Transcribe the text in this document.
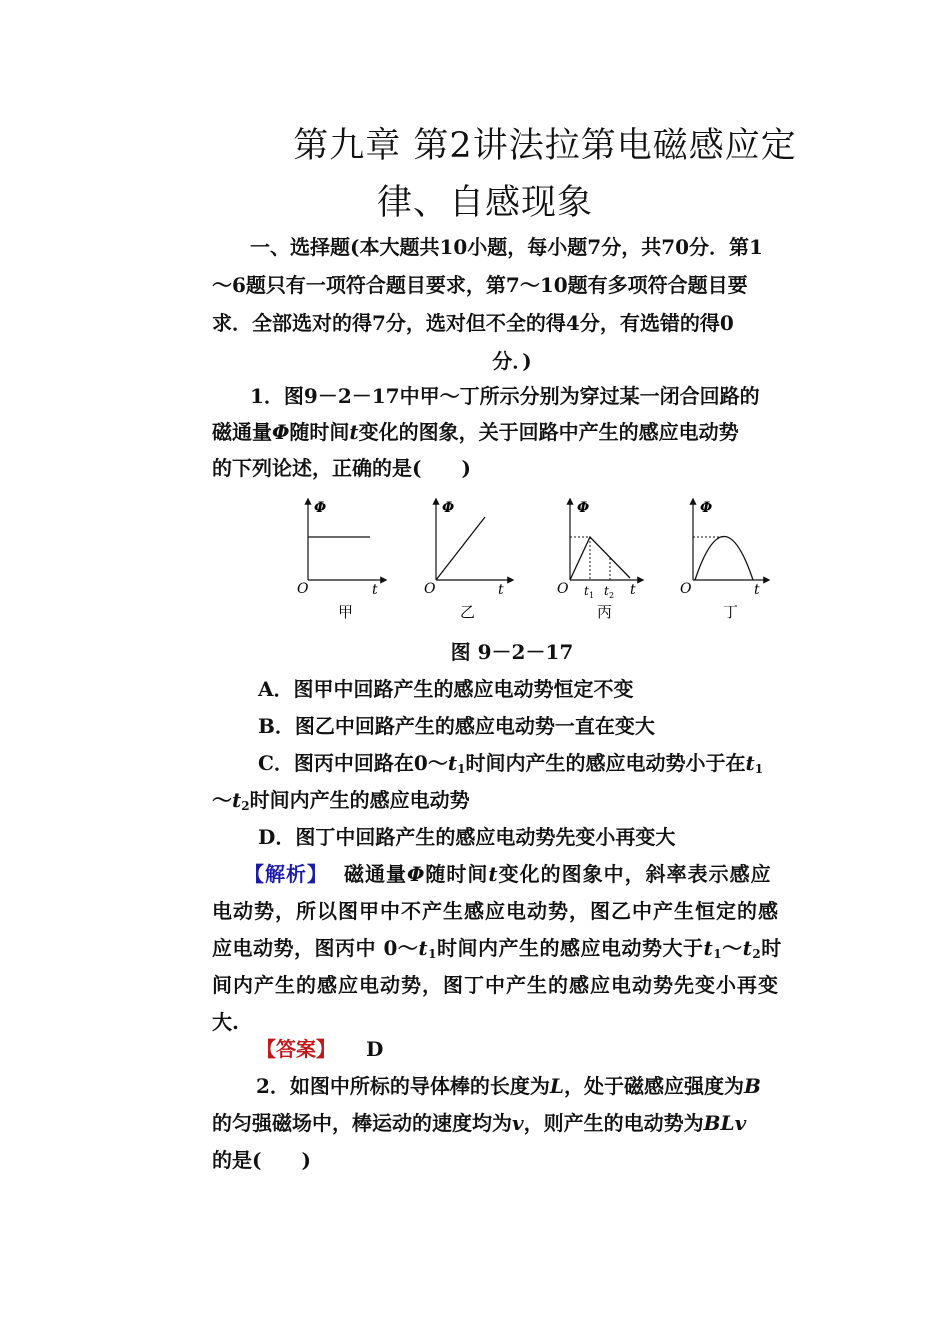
第九章 第2讲法拉第电磁感应定
律、自感现象
一、选择题(本大题共10小题，每小题7分，共70分．第1
～6题只有一项符合题目要求，第7～10题有多项符合题目要
求．全部选对的得7分，选对但不全的得4分，有选错的得0
分．)
1．图9－2－17中甲～丁所示分别为穿过某一闭合回路的
磁通量Φ随时间t变化的图象，关于回路中产生的感应电动势
的下列论述，正确的是(　　)
Φ
O	t
甲
Φ
O	t
乙
Φ
O t 1 t 2 t
丙
Φ
O	t
丁
图 9－2－17
A．图甲中回路产生的感应电动势恒定不变
B．图乙中回路产生的感应电动势一直在变大
C．图丙中回路在$0\sim t_1$时间内产生的感应电动势小于在$t_1$
$\sim t_2$时间内产生的感应电动势
D．图丁中回路产生的感应电动势先变小再变大
【解析】 磁通量Φ随时间t变化的图象中，斜率表示感应
电动势，所以图甲中不产生感应电动势，图乙中产生恒定的感
应电动势，图丙中 $0\sim t_1$时间内产生的感应电动势大于$t_1\sim t_2$时
间内产生的感应电动势，图丁中产生的感应电动势先变小再变
大.
【答案】 D
2．如图中所标的导体棒的长度为L，处于磁感应强度为B
的匀强磁场中，棒运动的速度均为v，则产生的电动势为BLv
的是(　　)
